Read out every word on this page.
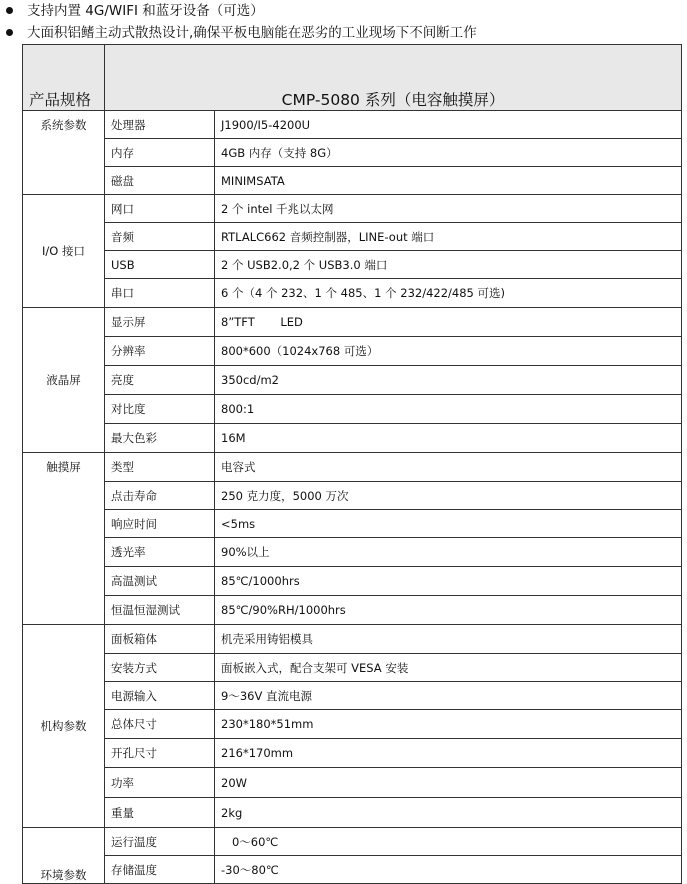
支持内置 4G/WIFI 和蓝牙设备（可选）
大面积铝鳍主动式散热设计,确保平板电脑能在恶劣的工业现场下不间断工作
产品规格	CMP-5080 系列（电容触摸屏）	
系统参数	处理器	J1900/I5-4200U
	内存	4GB 内存（支持 8G）
	磁盘	MINIMSATA
I/O 接口	网口	2 个 intel 千兆以太网
	音频	RTLALC662 音频控制器，LINE-out 端口
	USB	2 个 USB2.0,2 个 USB3.0 端口
	串口	6 个（4 个 232、1 个 485、1 个 232/422/485 可选)
液晶屏	显示屏	8”TFT       LED
	分辨率	800*600（1024x768 可选）
	亮度	350cd/m2
	对比度	800:1
	最大色彩	16M
触摸屏	类型	电容式
	点击寿命	250 克力度，5000 万次
	响应时间	<5ms
	透光率	90%以上
	高温测试	85℃/1000hrs
	恒温恒湿测试	85℃/90%RH/1000hrs
机构参数	面板箱体	机壳采用铸铝模具
	安装方式	面板嵌入式，配合支架可 VESA 安装
	电源输入	9～36V 直流电源
	总体尺寸	230*180*51mm
	开孔尺寸	216*170mm
	功率	20W
	重量	2kg
环境参数	运行温度	0～60℃
	存储温度	-30～80℃
